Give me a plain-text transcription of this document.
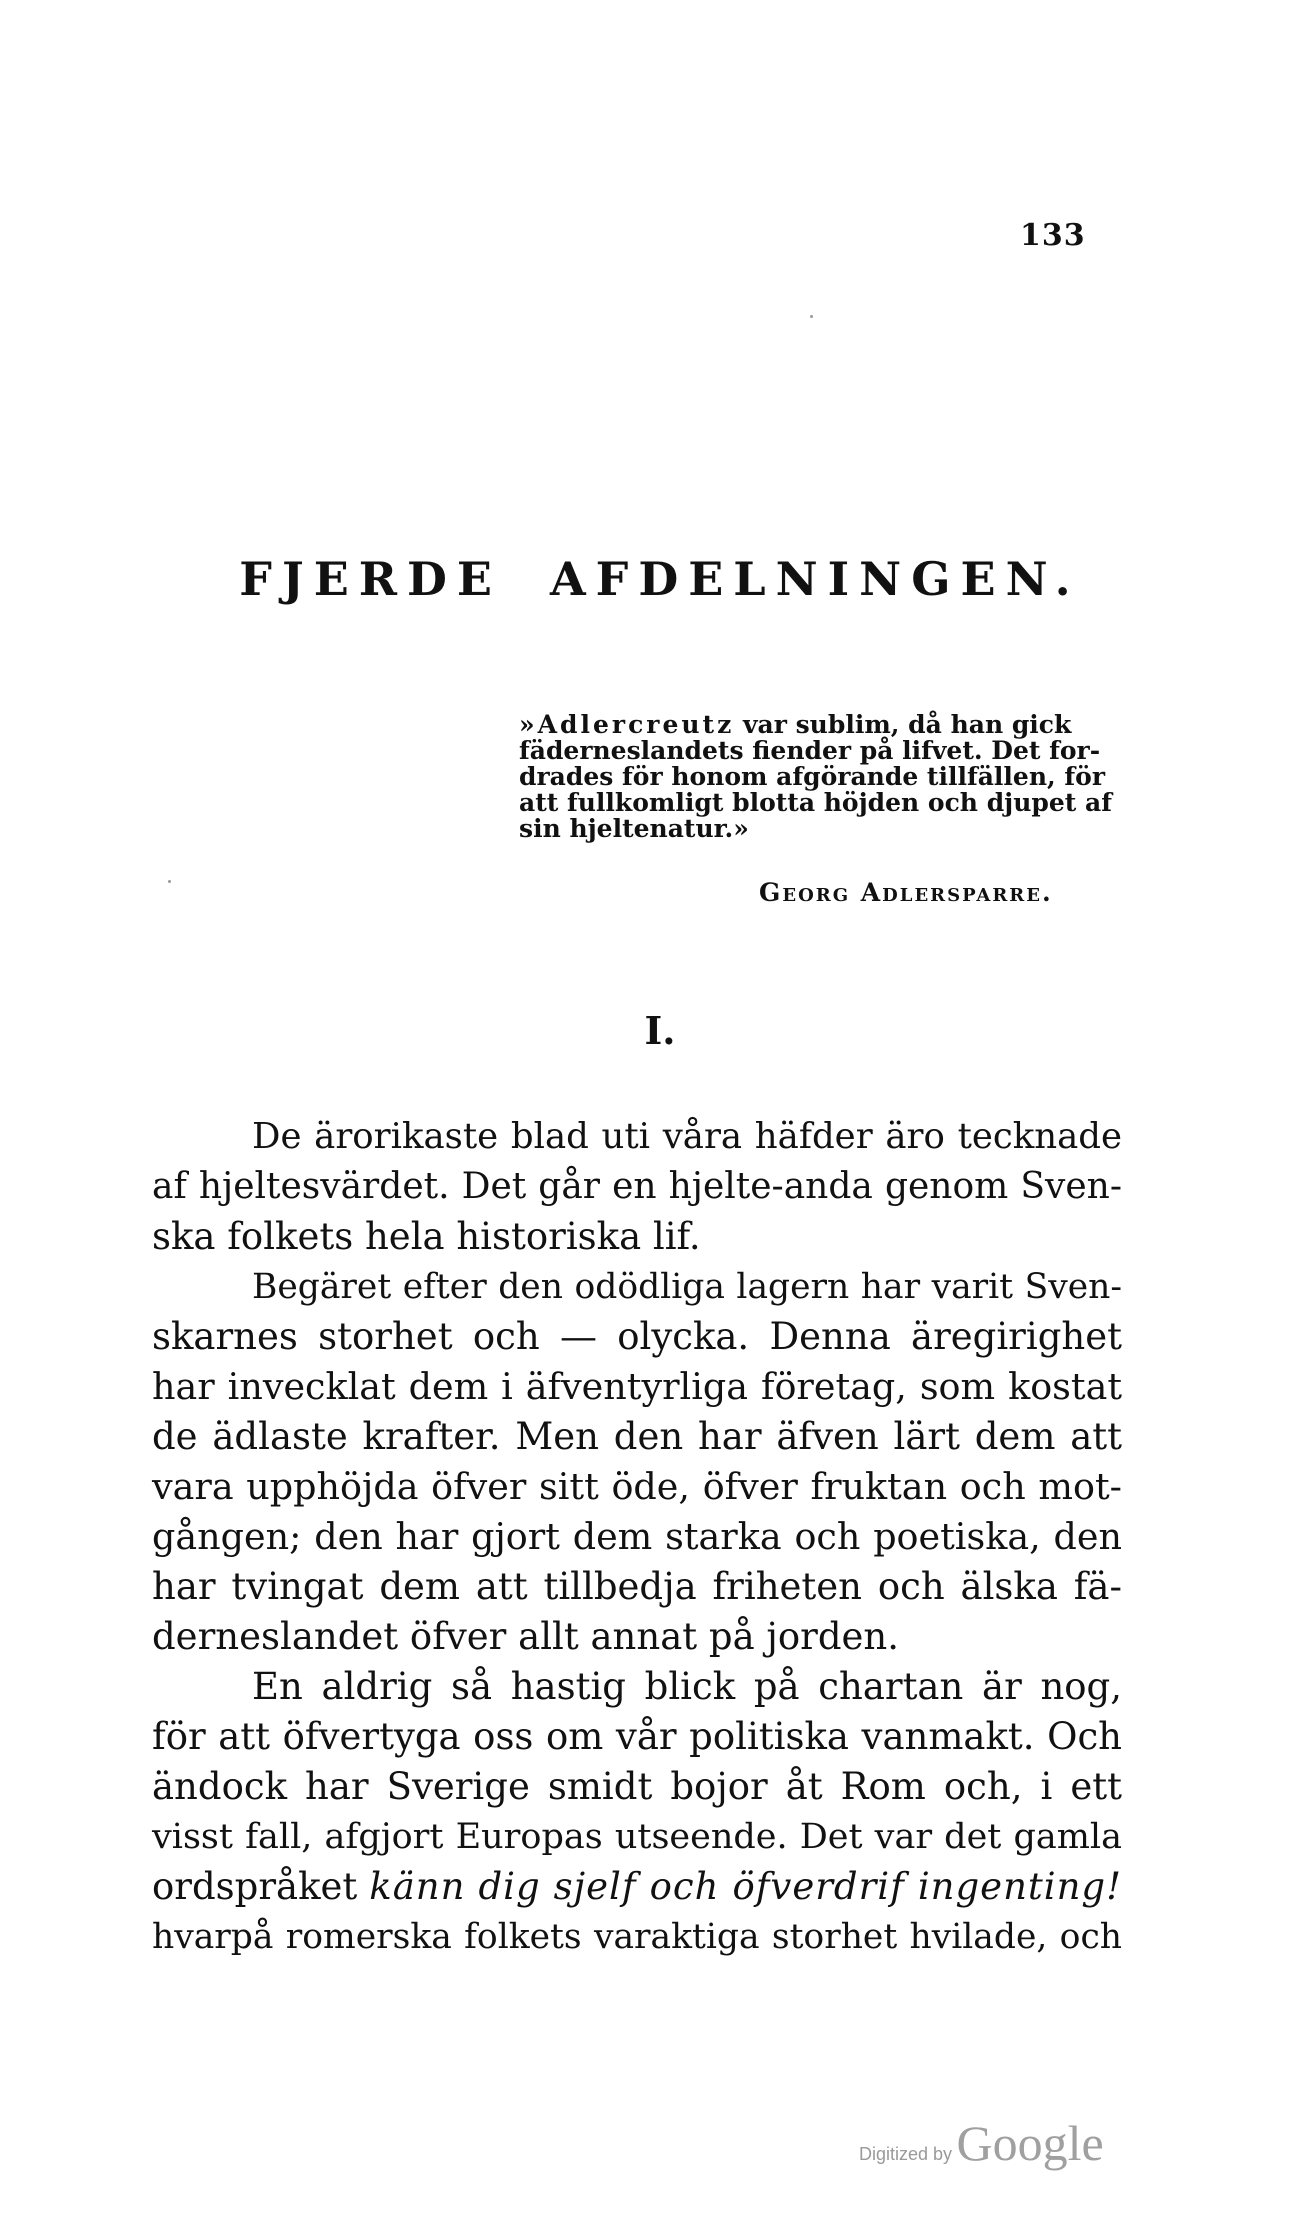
133
FJERDE AFDELNINGEN.
»Adlercreutz var sublim, då han gick
fäderneslandets fiender på lifvet. Det for-
drades för honom afgörande tillfällen, för
att fullkomligt blotta höjden och djupet af
sin hjeltenatur.»
Georg Adlersparre.
I.
De ärorikaste blad uti våra häfder äro tecknade
af hjeltesvärdet. Det går en hjelte-anda genom Sven-
ska folkets hela historiska lif.
Begäret efter den odödliga lagern har varit Sven-
skarnes storhet och — olycka. Denna äregirighet
har invecklat dem i äfventyrliga företag, som kostat
de ädlaste krafter. Men den har äfven lärt dem att
vara upphöjda öfver sitt öde, öfver fruktan och mot-
gången; den har gjort dem starka och poetiska, den
har tvingat dem att tillbedja friheten och älska fä-
derneslandet öfver allt annat på jorden.
En aldrig så hastig blick på chartan är nog,
för att öfvertyga oss om vår politiska vanmakt. Och
ändock har Sverige smidt bojor åt Rom och, i ett
visst fall, afgjort Europas utseende. Det var det gamla
ordspråket känn dig sjelf och öfverdrif ingenting!
hvarpå romerska folkets varaktiga storhet hvilade, och
Digitized by Google
